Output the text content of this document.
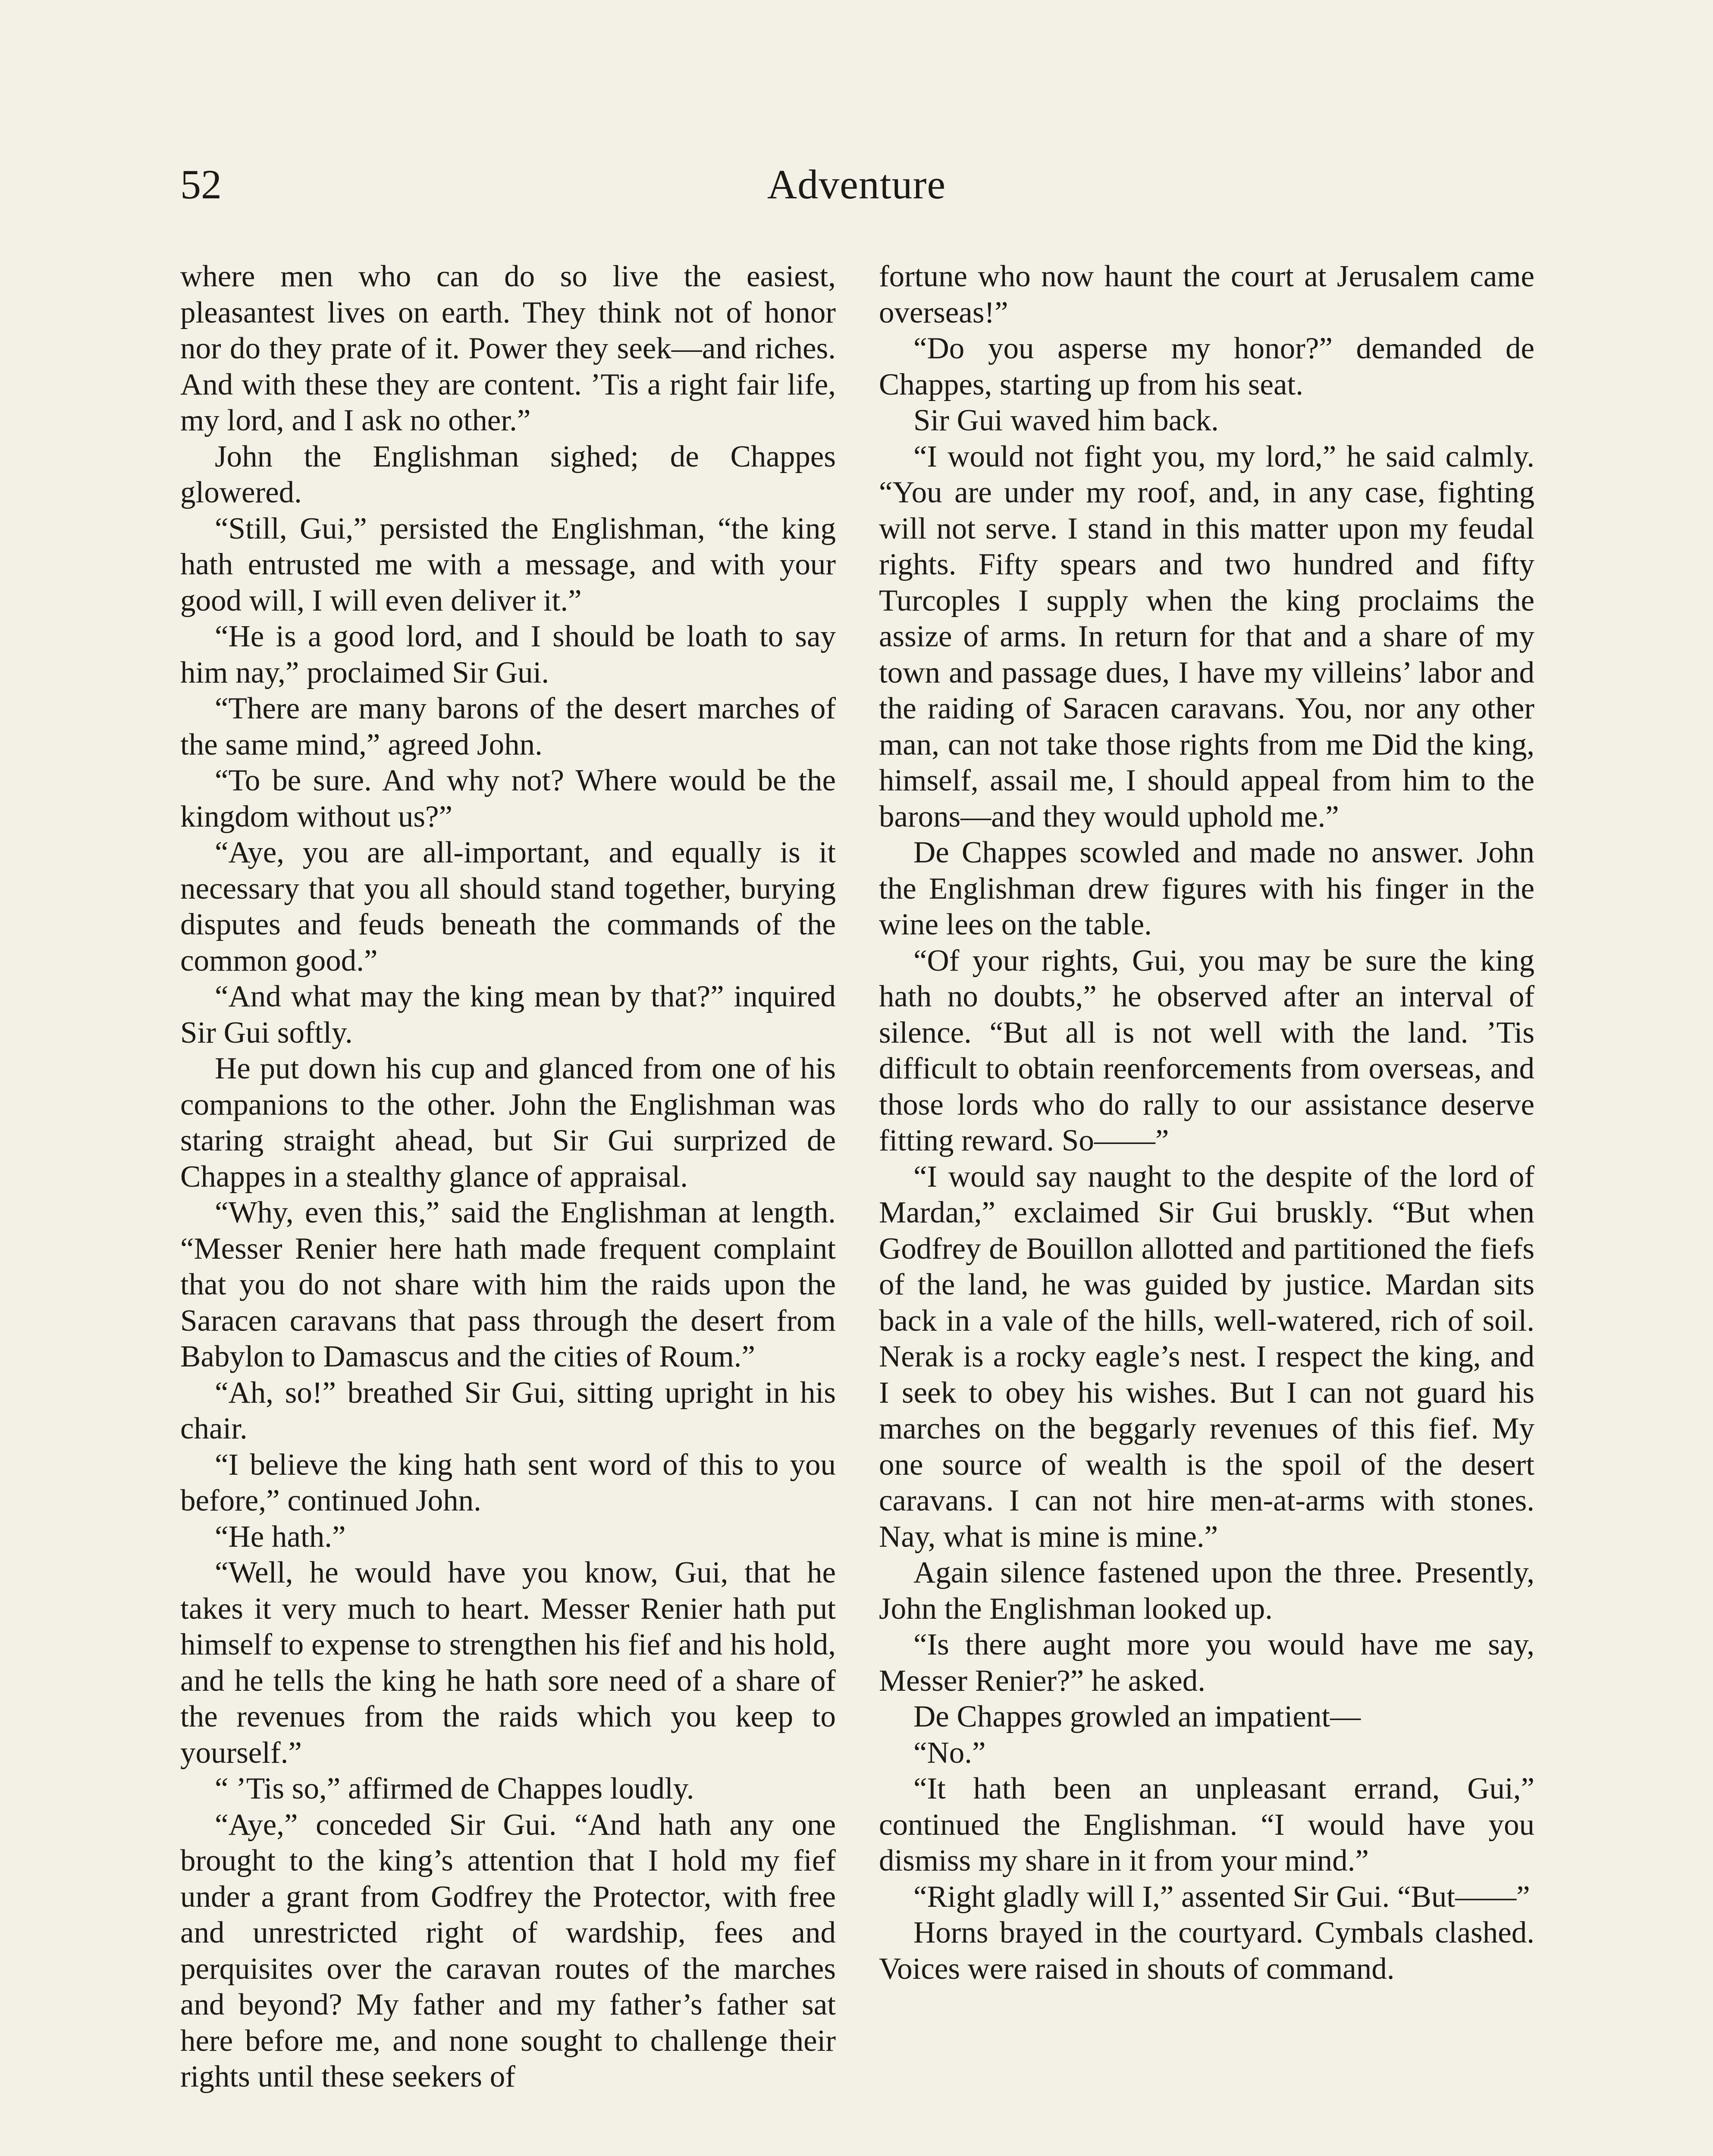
52	Adventure

where men who can do so live the easiest, pleasantest lives on earth. They think not of honor nor do they prate of it. Power they seek—and riches. And with these they are content. ’Tis a right fair life, my lord, and I ask no other.”

John the Englishman sighed; de Chappes glowered.

“Still, Gui,” persisted the Englishman, “the king hath entrusted me with a message, and with your good will, I will even deliver it.”

“He is a good lord, and I should be loath to say him nay,” proclaimed Sir Gui.

“There are many barons of the desert marches of the same mind,” agreed John.

“To be sure. And why not? Where would be the kingdom without us?”

“Aye, you are all-important, and equally is it necessary that you all should stand together, burying disputes and feuds beneath the commands of the common good.”

“And what may the king mean by that?” inquired Sir Gui softly.

He put down his cup and glanced from one of his companions to the other. John the Englishman was staring straight ahead, but Sir Gui surprized de Chappes in a stealthy glance of appraisal.

“Why, even this,” said the Englishman at length. “Messer Renier here hath made frequent complaint that you do not share with him the raids upon the Saracen caravans that pass through the desert from Babylon to Damascus and the cities of Roum.”

“Ah, so!” breathed Sir Gui, sitting upright in his chair.

“I believe the king hath sent word of this to you before,” continued John.

“He hath.”

“Well, he would have you know, Gui, that he takes it very much to heart. Messer Renier hath put himself to expense to strengthen his fief and his hold, and he tells the king he hath sore need of a share of the revenues from the raids which you keep to yourself.”

“ ’Tis so,” affirmed de Chappes loudly.

“Aye,” conceded Sir Gui. “And hath any one brought to the king’s attention that I hold my fief under a grant from Godfrey the Protector, with free and unrestricted right of wardship, fees and perquisites over the caravan routes of the marches and beyond? My father and my father’s father sat here before me, and none sought to challenge their rights until these seekers of

fortune who now haunt the court at Jerusalem came overseas!”

“Do you asperse my honor?” demanded de Chappes, starting up from his seat.

Sir Gui waved him back.

“I would not fight you, my lord,” he said calmly. “You are under my roof, and, in any case, fighting will not serve. I stand in this matter upon my feudal rights. Fifty spears and two hundred and fifty Turcoples I supply when the king proclaims the assize of arms. In return for that and a share of my town and passage dues, I have my villeins’ labor and the raiding of Saracen caravans. You, nor any other man, can not take those rights from me Did the king, himself, assail me, I should appeal from him to the barons—and they would uphold me.”

De Chappes scowled and made no answer. John the Englishman drew figures with his finger in the wine lees on the table.

“Of your rights, Gui, you may be sure the king hath no doubts,” he observed after an interval of silence. “But all is not well with the land. ’Tis difficult to obtain reenforcements from overseas, and those lords who do rally to our assistance deserve fitting reward. So——”

“I would say naught to the despite of the lord of Mardan,” exclaimed Sir Gui bruskly. “But when Godfrey de Bouillon allotted and partitioned the fiefs of the land, he was guided by justice. Mardan sits back in a vale of the hills, well-watered, rich of soil. Nerak is a rocky eagle’s nest. I respect the king, and I seek to obey his wishes. But I can not guard his marches on the beggarly revenues of this fief. My one source of wealth is the spoil of the desert caravans. I can not hire men-at-arms with stones. Nay, what is mine is mine.”

Again silence fastened upon the three. Presently, John the Englishman looked up.

“Is there aught more you would have me say, Messer Renier?” he asked.

De Chappes growled an impatient—

“No.”

“It hath been an unpleasant errand, Gui,” continued the Englishman. “I would have you dismiss my share in it from your mind.”

“Right gladly will I,” assented Sir Gui. “But——”

Horns brayed in the courtyard. Cymbals clashed. Voices were raised in shouts of command.
